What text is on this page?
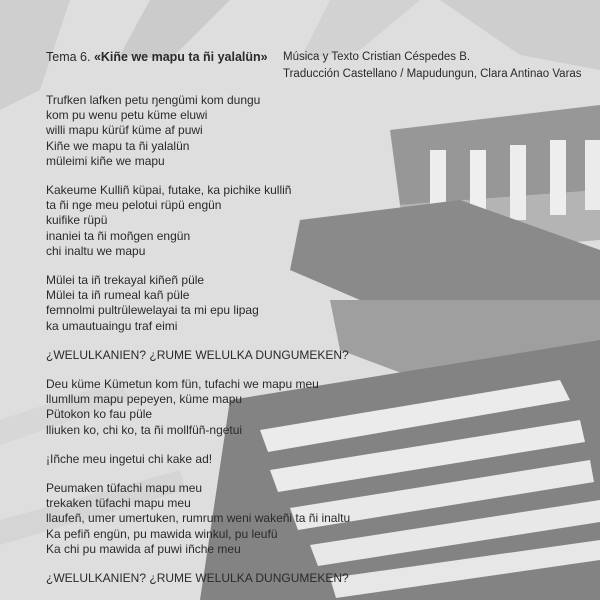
Tema 6. «Kiñe we mapu ta ñi yalalün»	Música y Texto Cristian Céspedes B.
Traducción Castellano / Mapudungun, Clara Antinao Varas
Trufken lafken petu ŋengümi kom dungu
kom pu wenu petu küme eluwi
willi mapu kürüf küme af puwi
Kiñe we mapu ta ñi yalalün
müleimi kiñe we mapu
Kakeume Kulliñ küpai, futake, ka pichike kulliñ
ta ñi nge meu pelotui rüpü engün
kuifike rüpü
inaniei ta ñi moñgen engün
chi inaltu we mapu
Mülei ta iñ trekayal kiñeñ püle
Mülei ta iñ rumeal kañ püle
femnolmi pultrülewelayai ta mi epu lipag
ka umautuaingu traf eimi
¿WELULKANIEN? ¿RUME WELULKA DUNGUMEKEN?
Deu küme Kümetun kom fün, tufachi we mapu meu
llumllum mapu pepeyen, küme mapu
Pütokon ko fau püle
lliuken ko, chi ko, ta ñi mollfüñ-ngetui
¡Iñche meu ingetui chi kake ad!
Peumaken tüfachi mapu meu
trekaken tüfachi mapu meu
llaufeñ, umer umertuken, rumrum weni wakeñi ta ñi inaltu
Ka pefiñ engün, pu mawida winkul, pu leufü
Ka chi pu mawida af puwi iñche meu
¿WELULKANIEN? ¿RUME WELULKA DUNGUMEKEN?
